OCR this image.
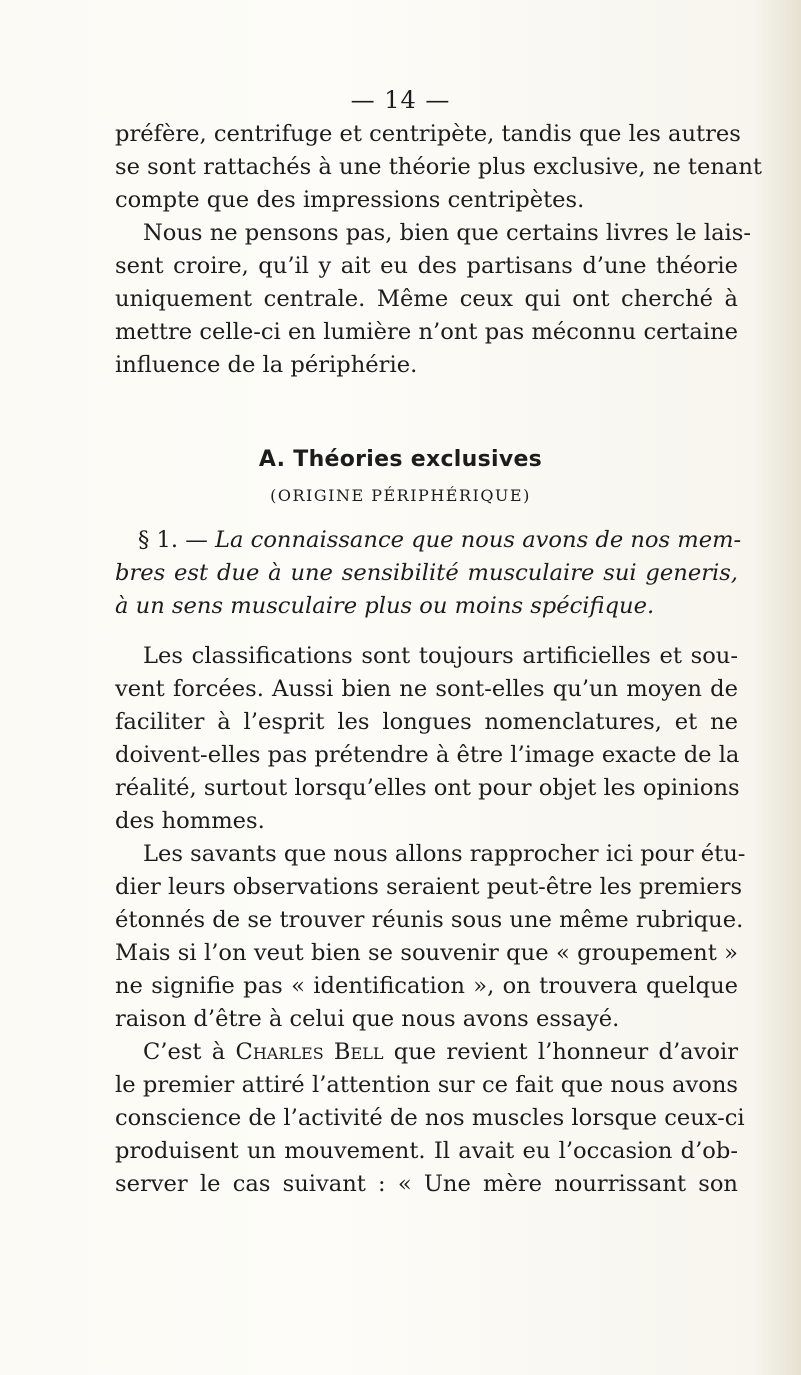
— 14 —
préfère, centrifuge et centripète, tandis que les autres
se sont rattachés à une théorie plus exclusive, ne tenant
compte que des impressions centripètes.
Nous ne pensons pas, bien que certains livres le lais-
sent croire, qu’il y ait eu des partisans d’une théorie
uniquement centrale. Même ceux qui ont cherché à
mettre celle-ci en lumière n’ont pas méconnu certaine
influence de la périphérie.
A. Théories exclusives
(ORIGINE PÉRIPHÉRIQUE)
§ 1. — La connaissance que nous avons de nos mem-
bres est due à une sensibilité musculaire sui generis,
à un sens musculaire plus ou moins spécifique.
Les classifications sont toujours artificielles et sou-
vent forcées. Aussi bien ne sont-elles qu’un moyen de
faciliter à l’esprit les longues nomenclatures, et ne
doivent-elles pas prétendre à être l’image exacte de la
réalité, surtout lorsqu’elles ont pour objet les opinions
des hommes.
Les savants que nous allons rapprocher ici pour étu-
dier leurs observations seraient peut-être les premiers
étonnés de se trouver réunis sous une même rubrique.
Mais si l’on veut bien se souvenir que « groupement »
ne signifie pas « identification », on trouvera quelque
raison d’être à celui que nous avons essayé.
C’est à Charles Bell que revient l’honneur d’avoir
le premier attiré l’attention sur ce fait que nous avons
conscience de l’activité de nos muscles lorsque ceux-ci
produisent un mouvement. Il avait eu l’occasion d’ob-
server le cas suivant : « Une mère nourrissant son
